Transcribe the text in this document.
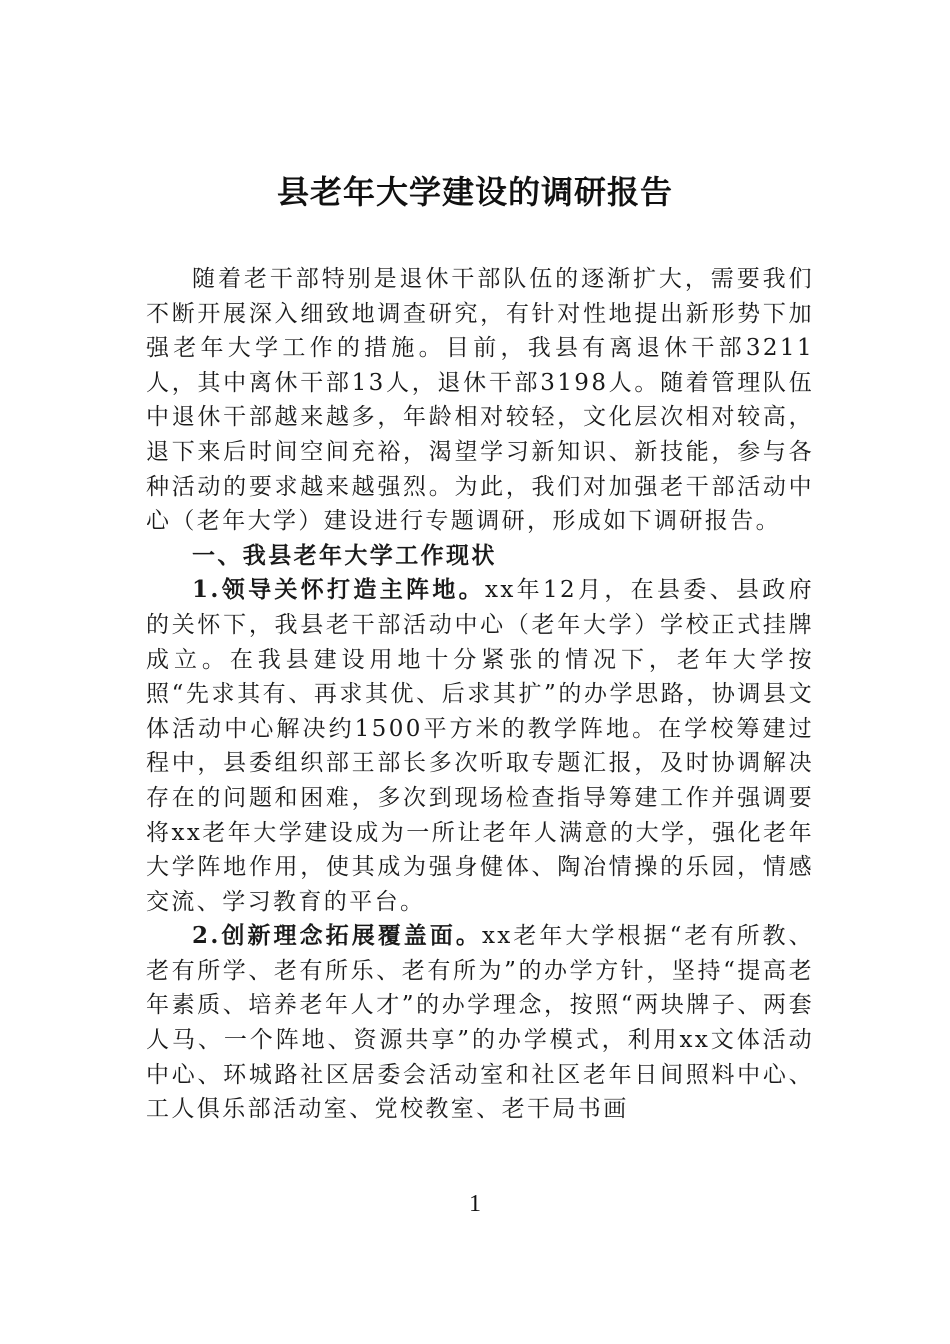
县老年大学建设的调研报告

随着老干部特别是退休干部队伍的逐渐扩大，需要我们不断开展深入细致地调查研究，有针对性地提出新形势下加强老年大学工作的措施。目前，我县有离退休干部3211人，其中离休干部13人，退休干部3198人。随着管理队伍中退休干部越来越多，年龄相对较轻，文化层次相对较高，退下来后时间空间充裕，渴望学习新知识、新技能，参与各种活动的要求越来越强烈。为此，我们对加强老干部活动中心（老年大学）建设进行专题调研，形成如下调研报告。

一、我县老年大学工作现状

1.领导关怀打造主阵地。xx年12月，在县委、县政府的关怀下，我县老干部活动中心（老年大学）学校正式挂牌成立。在我县建设用地十分紧张的情况下，老年大学按照“先求其有、再求其优、后求其扩”的办学思路，协调县文体活动中心解决约1500平方米的教学阵地。在学校筹建过程中，县委组织部王部长多次听取专题汇报，及时协调解决存在的问题和困难，多次到现场检查指导筹建工作并强调要将xx老年大学建设成为一所让老年人满意的大学，强化老年大学阵地作用，使其成为强身健体、陶冶情操的乐园，情感交流、学习教育的平台。

2.创新理念拓展覆盖面。xx老年大学根据“老有所教、老有所学、老有所乐、老有所为”的办学方针，坚持“提高老年素质、培养老年人才”的办学理念，按照“两块牌子、两套人马、一个阵地、资源共享”的办学模式，利用xx文体活动中心、环城路社区居委会活动室和社区老年日间照料中心、工人俱乐部活动室、党校教室、老干局书画

1
